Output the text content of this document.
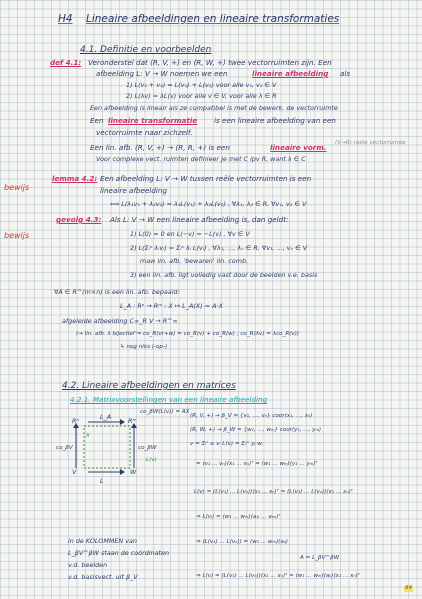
H4 Lineaire afbeeldingen en lineaire transformaties
4.1. Definitie en voorbeelden
def 4.1: Veronderstel dat (R, V, +) en (R, W, +) twee vectorruimten zijn. Een
afbeelding L: V → W noemen we een	lineaire afbeelding als
1) L(v₁ + v₂) = L(v₁) + L(v₂) voor alle v₁, v₂ ∈ V
2) L(λv) = λL(v) voor alle v ∈ V, voor alle λ ∈ R
Een afbeelding is lineair als ze compatibel is met de bewerk. de vectorruimte
Een lineaire transformatie is een lineaire afbeelding van een
vectorruimte naar zichzelf.
Een lin. afb. (R, V, +) → (R, R, +) is een	lineaire vorm. (V→R) reële vectorruimte
Voor complexe vect. ruimten definieer je met C ipv R, want λ ∈ C
bewijs
lemma 4.2: Een afbeelding L: V → W tussen reële vectorruimten is een
lineaire afbeelding
⟺ L(λ₁v₁ + λ₂v₂) = λ₁L(v₁) + λ₂L(v₂) , ∀λ₁, λ₂ ∈ R, ∀v₁, v₂ ∈ V
bewijs
gevolg 4.3: Als L: V → W een lineaire afbeelding is, dan geldt:
1) L(0) = 0 en L(−v) = −L(v) , ∀v ∈ V
2) L(Σᵢⁿ λᵢvᵢ) = Σᵢⁿ λᵢ L(vᵢ) , ∀λ₁, ..., λₙ ∈ R, ∀v₁, ..., vₙ ∈ V
maw lin. afb. 'bewaren' lin. comb.
3) een lin. afb. ligt volledig vast door de beelden v.e. basis
∀A ∈ R^(m×n) is een lin. afb. bepaald:
L_A : Rⁿ → Rᵐ : X ↦ L_A(X) = A·X
afgeleide afbeelding C∞_R V → R^∞
(→ lin. afb. λ bijectief ⇒ co_R(vr+w) = co_R(v) + co_R(w) ; co_R(λv) = λco_R(v))
↳ nog niks (-op-)
4.2. Lineaire afbeeldingen en matrices
4.2.1. Matrixvoorstellingen van een lineaire afbeelding
Rⁿ	Rᵐ
L_A
V	W
L
co_βV	co_βW
L(v)
X
co_βW(L(v)) = AX
(R, V, +) → β_V = {v₁, ..., vₙ} coor(x₁, ..., xₙ)
(R, W, +) → β_W = {w₁, ..., wₘ} coor(y₁, ..., yₘ)
v = Σᵢⁿ xᵢ vᵢ L(v) = Σⱼᵐ yⱼ wⱼ
= (v₁ ... vₙ)(x₁ ... xₙ)ᵀ = (w₁ ... wₘ)(y₁ ... yₘ)ᵀ
L(v) = (L(v₁) ... L(vₙ))(x₁ ... xₙ)ᵀ = (L(v₁) ... L(vₙ))(x₁ ... xₙ)ᵀ
⇒ L(vᵢ) = (w₁ ... wₘ)(a₁ᵢ ... aₘᵢ)ᵀ
⇒ (L(v₁) ... L(vₙ)) = (w₁ ... wₘ)(aᵢⱼ)
A = L_βV^βW
⇒ L(v) = (L(v₁) ... L(vₙ))(x₁ ... xₙ)ᵀ = (w₁ ... wₘ)(aᵢⱼ)(x₁ ... xₙ)ᵀ
in de KOLOMMEN van
L_βV^βW staan de coördinaten
v.d. beelden
v.d. basisvect. uit β_V
84
